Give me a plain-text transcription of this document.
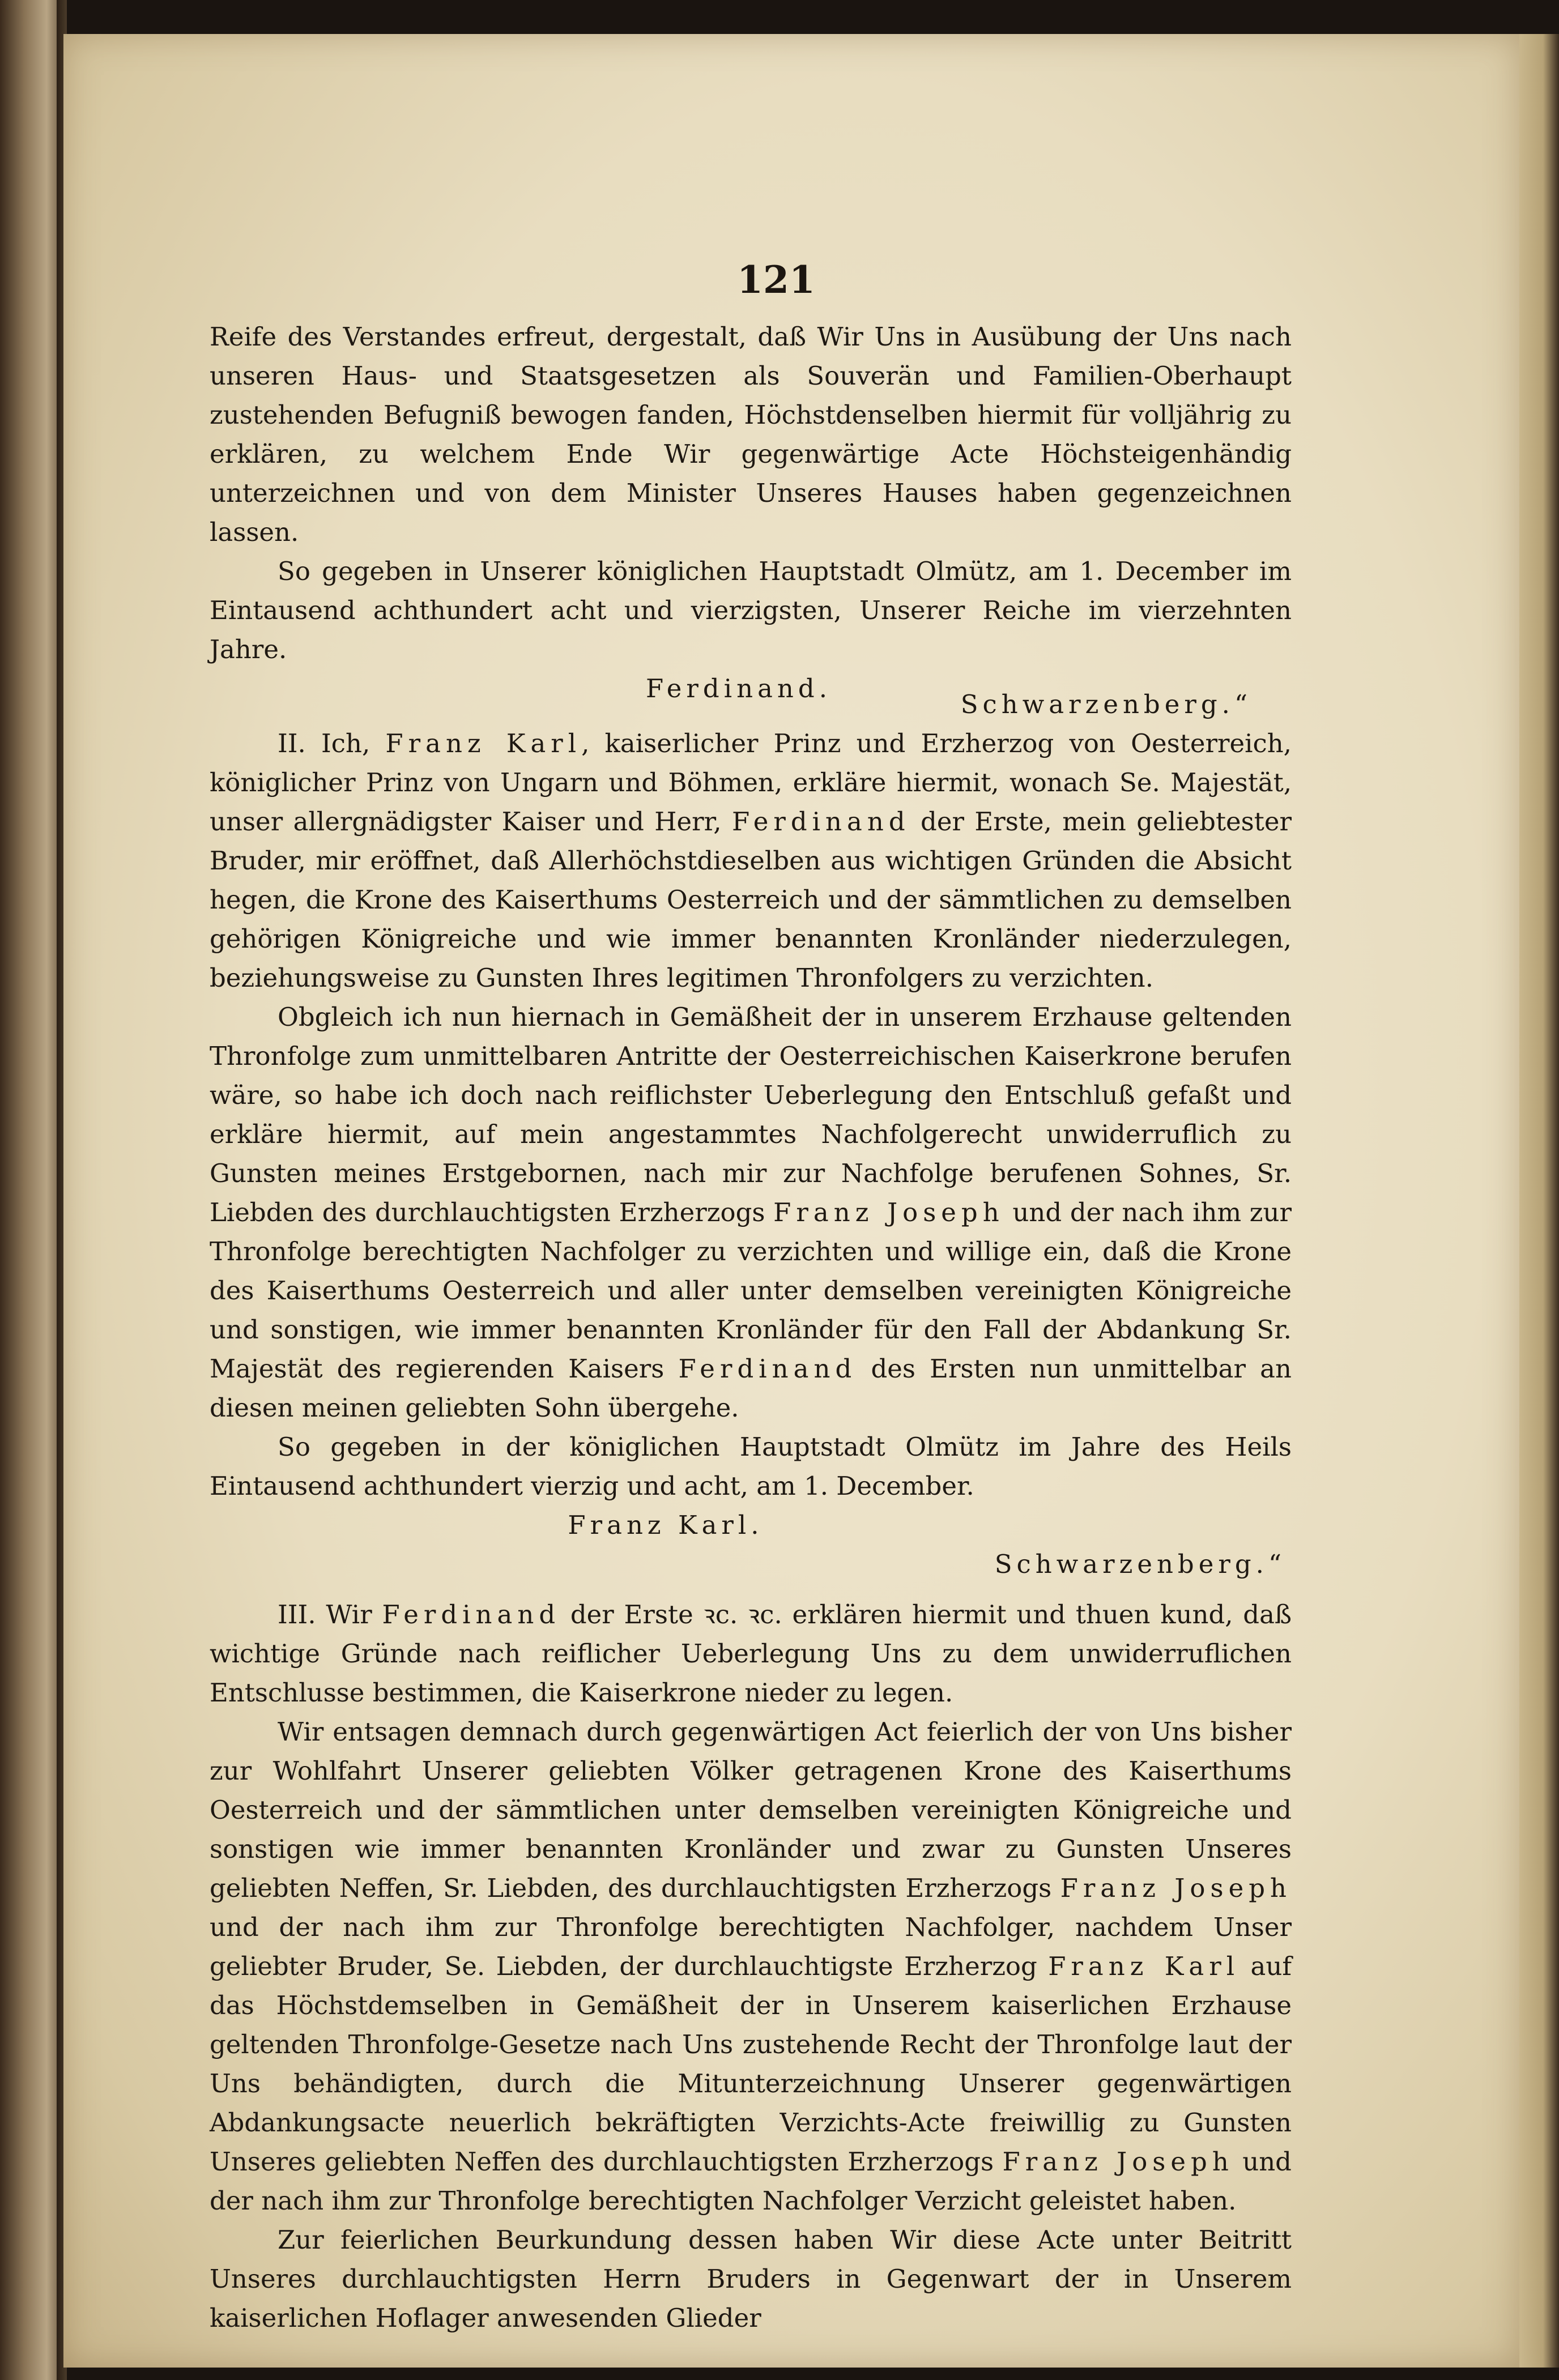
121

Reife des Verstandes erfreut, dergestalt, daß Wir Uns in Ausübung der Uns nach unseren Haus- und Staatsgesetzen als Souverän und Familien-Oberhaupt zustehenden Befugniß bewogen fanden, Höchstdenselben hiermit für volljährig zu erklären, zu welchem Ende Wir gegenwärtige Acte Höchsteigenhändig unterzeichnen und von dem Minister Unseres Hauses haben gegenzeichnen lassen.

So gegeben in Unserer königlichen Hauptstadt Olmütz, am 1. December im Eintausend achthundert acht und vierzigsten, Unserer Reiche im vierzehnten Jahre.

Ferdinand.
Schwarzenberg.“

II. Ich, Franz Karl, kaiserlicher Prinz und Erzherzog von Oesterreich, königlicher Prinz von Ungarn und Böhmen, erkläre hiermit, wonach Se. Majestät, unser allergnädigster Kaiser und Herr, Ferdinand der Erste, mein geliebtester Bruder, mir eröffnet, daß Allerhöchstdieselben aus wichtigen Gründen die Absicht hegen, die Krone des Kaiserthums Oesterreich und der sämmtlichen zu demselben gehörigen Königreiche und wie immer benannten Kronländer niederzulegen, beziehungsweise zu Gunsten Ihres legitimen Thronfolgers zu verzichten.

Obgleich ich nun hiernach in Gemäßheit der in unserem Erzhause geltenden Thronfolge zum unmittelbaren Antritte der Oesterreichischen Kaiserkrone berufen wäre, so habe ich doch nach reiflichster Ueberlegung den Entschluß gefaßt und erkläre hiermit, auf mein angestammtes Nachfolgerecht unwiderruflich zu Gunsten meines Erstgebornen, nach mir zur Nachfolge berufenen Sohnes, Sr. Liebden des durchlauchtigsten Erzherzogs Franz Joseph und der nach ihm zur Thronfolge berechtigten Nachfolger zu verzichten und willige ein, daß die Krone des Kaiserthums Oesterreich und aller unter demselben vereinigten Königreiche und sonstigen, wie immer benannten Kronländer für den Fall der Abdankung Sr. Majestät des regierenden Kaisers Ferdinand des Ersten nun unmittelbar an diesen meinen geliebten Sohn übergehe.

So gegeben in der königlichen Hauptstadt Olmütz im Jahre des Heils Eintausend achthundert vierzig und acht, am 1. December.

Franz Karl.
Schwarzenberg.“

III. Wir Ferdinand der Erste ꝛc. ꝛc. erklären hiermit und thuen kund, daß wichtige Gründe nach reiflicher Ueberlegung Uns zu dem unwiderruflichen Entschlusse bestimmen, die Kaiserkrone nieder zu legen.

Wir entsagen demnach durch gegenwärtigen Act feierlich der von Uns bisher zur Wohlfahrt Unserer geliebten Völker getragenen Krone des Kaiserthums Oesterreich und der sämmtlichen unter demselben vereinigten Königreiche und sonstigen wie immer benannten Kronländer und zwar zu Gunsten Unseres geliebten Neffen, Sr. Liebden, des durchlauchtigsten Erzherzogs Franz Joseph und der nach ihm zur Thronfolge berechtigten Nachfolger, nachdem Unser geliebter Bruder, Se. Liebden, der durchlauchtigste Erzherzog Franz Karl auf das Höchstdemselben in Gemäßheit der in Unserem kaiserlichen Erzhause geltenden Thronfolge-Gesetze nach Uns zustehende Recht der Thronfolge laut der Uns behändigten, durch die Mitunterzeichnung Unserer gegenwärtigen Abdankungsacte neuerlich bekräftigten Verzichts-Acte freiwillig zu Gunsten Unseres geliebten Neffen des durchlauchtigsten Erzherzogs Franz Joseph und der nach ihm zur Thronfolge berechtigten Nachfolger Verzicht geleistet haben.

Zur feierlichen Beurkundung dessen haben Wir diese Acte unter Beitritt Unseres durchlauchtigsten Herrn Bruders in Gegenwart der in Unserem kaiserlichen Hoflager anwesenden Glieder
